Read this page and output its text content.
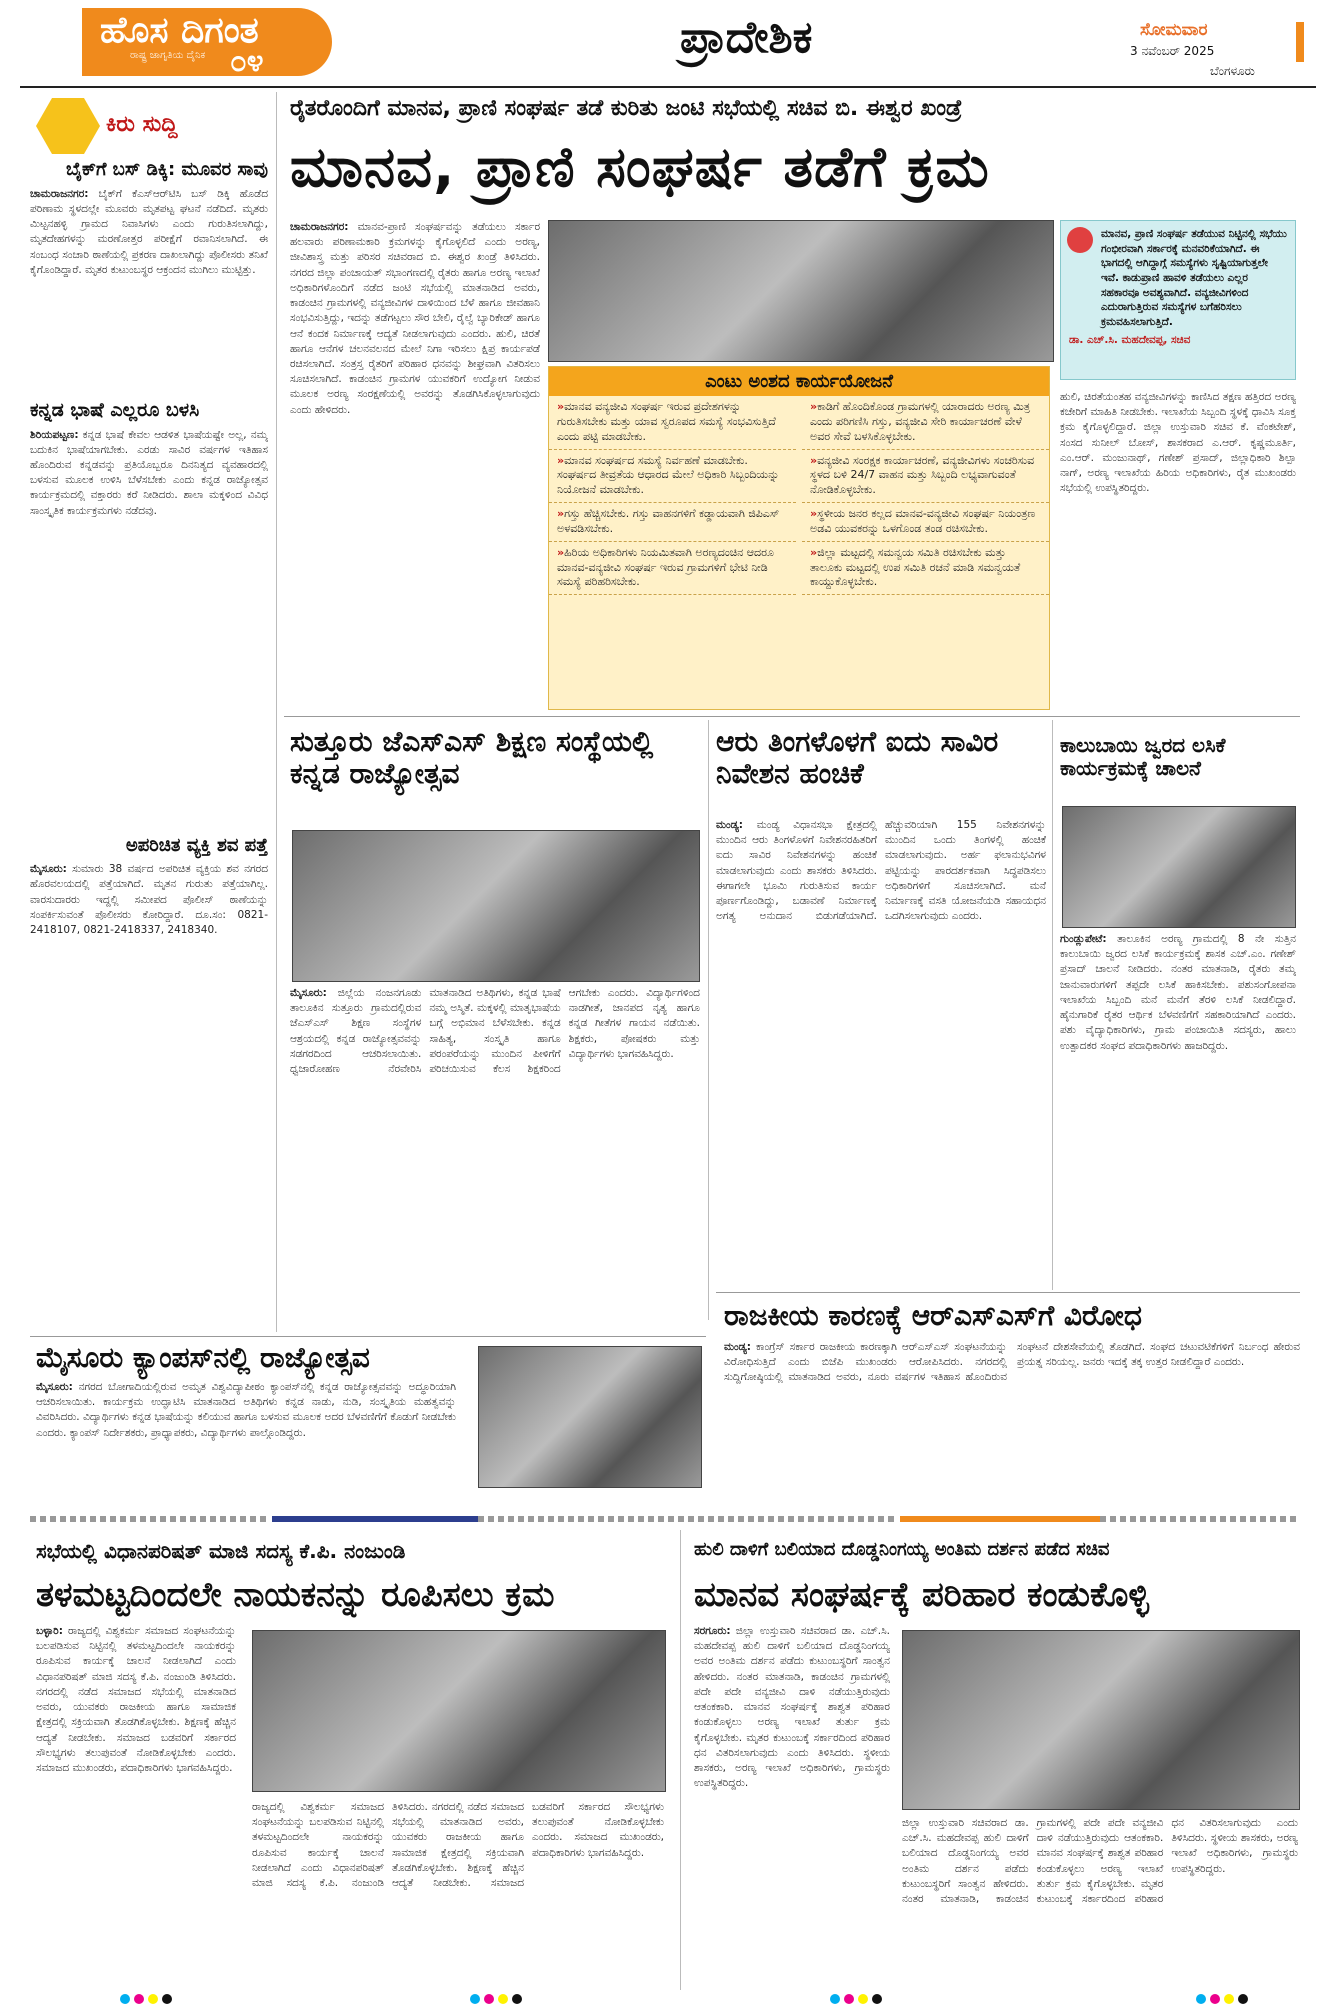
ಹೊಸ ದಿಗಂತ
ರಾಷ್ಟ್ರ ಜಾಗೃತಿಯ ದೈನಿಕ ೦೪	ಪ್ರಾದೇಶಿಕ	ಸೋಮವಾರ
3 ನವೆಂಬರ್ 2025
ಬೆಂಗಳೂರು
ಕಿರು ಸುದ್ದಿ
ಬೈಕ್‌ಗೆ ಬಸ್ ಡಿಕ್ಕಿ: ಮೂವರ ಸಾವು
ಚಾಮರಾಜನಗರ: ಬೈಕ್‌ಗೆ ಕೆಎಸ್‌ಆರ್‌ಟಿಸಿ ಬಸ್ ಡಿಕ್ಕಿ ಹೊಡೆದ ಪರಿಣಾಮ ಸ್ಥಳದಲ್ಲೇ ಮೂವರು ಮೃತಪಟ್ಟ ಘಟನೆ ನಡೆದಿದೆ. ಮೃತರು ಮಿಟ್ಟನಹಳ್ಳಿ ಗ್ರಾಮದ ನಿವಾಸಿಗಳು ಎಂದು ಗುರುತಿಸಲಾಗಿದ್ದು, ಮೃತದೇಹಗಳನ್ನು ಮರಣೋತ್ತರ ಪರೀಕ್ಷೆಗೆ ರವಾನಿಸಲಾಗಿದೆ. ಈ ಸಂಬಂಧ ಸಂಚಾರಿ ಠಾಣೆಯಲ್ಲಿ ಪ್ರಕರಣ ದಾಖಲಾಗಿದ್ದು ಪೊಲೀಸರು ತನಿಖೆ ಕೈಗೊಂಡಿದ್ದಾರೆ. ಮೃತರ ಕುಟುಂಬಸ್ಥರ ಆಕ್ರಂದನ ಮುಗಿಲು ಮುಟ್ಟಿತ್ತು.
ಕನ್ನಡ ಭಾಷೆ ಎಲ್ಲರೂ ಬಳಸಿ
ಶಿರಿಯಪಟ್ಟಣ: ಕನ್ನಡ ಭಾಷೆ ಕೇವಲ ಆಡಳಿತ ಭಾಷೆಯಷ್ಟೇ ಅಲ್ಲ, ನಮ್ಮ ಬದುಕಿನ ಭಾಷೆಯಾಗಬೇಕು. ಎರಡು ಸಾವಿರ ವರ್ಷಗಳ ಇತಿಹಾಸ ಹೊಂದಿರುವ ಕನ್ನಡವನ್ನು ಪ್ರತಿಯೊಬ್ಬರೂ ದಿನನಿತ್ಯದ ವ್ಯವಹಾರದಲ್ಲಿ ಬಳಸುವ ಮೂಲಕ ಉಳಿಸಿ ಬೆಳೆಸಬೇಕು ಎಂದು ಕನ್ನಡ ರಾಜ್ಯೋತ್ಸವ ಕಾರ್ಯಕ್ರಮದಲ್ಲಿ ವಕ್ತಾರರು ಕರೆ ನೀಡಿದರು. ಶಾಲಾ ಮಕ್ಕಳಿಂದ ವಿವಿಧ ಸಾಂಸ್ಕೃತಿಕ ಕಾರ್ಯಕ್ರಮಗಳು ನಡೆದವು.
ಅಪರಿಚಿತ ವ್ಯಕ್ತಿ ಶವ ಪತ್ತೆ
ಮೈಸೂರು: ಸುಮಾರು 38 ವರ್ಷದ ಅಪರಿಚಿತ ವ್ಯಕ್ತಿಯ ಶವ ನಗರದ ಹೊರವಲಯದಲ್ಲಿ ಪತ್ತೆಯಾಗಿದೆ. ಮೃತನ ಗುರುತು ಪತ್ತೆಯಾಗಿಲ್ಲ. ವಾರಸುದಾರರು ಇದ್ದಲ್ಲಿ ಸಮೀಪದ ಪೊಲೀಸ್ ಠಾಣೆಯನ್ನು ಸಂಪರ್ಕಿಸುವಂತೆ ಪೊಲೀಸರು ಕೋರಿದ್ದಾರೆ. ದೂ.ಸಂ: 0821-2418107, 0821-2418337, 2418340.
ರೈತರೊಂದಿಗೆ ಮಾನವ, ಪ್ರಾಣಿ ಸಂಘರ್ಷ ತಡೆ ಕುರಿತು ಜಂಟಿ ಸಭೆಯಲ್ಲಿ ಸಚಿವ ಬಿ. ಈಶ್ವರ ಖಂಡ್ರೆ
ಮಾನವ, ಪ್ರಾಣಿ ಸಂಘರ್ಷ ತಡೆಗೆ ಕ್ರಮ
ಚಾಮರಾಜನಗರ: ಮಾನವ-ಪ್ರಾಣಿ ಸಂಘರ್ಷವನ್ನು ತಡೆಯಲು ಸರ್ಕಾರ ಹಲವಾರು ಪರಿಣಾಮಕಾರಿ ಕ್ರಮಗಳನ್ನು ಕೈಗೊಳ್ಳಲಿದೆ ಎಂದು ಅರಣ್ಯ, ಜೀವಿಶಾಸ್ತ್ರ ಮತ್ತು ಪರಿಸರ ಸಚಿವರಾದ ಬಿ. ಈಶ್ವರ ಖಂಡ್ರೆ ತಿಳಿಸಿದರು. ನಗರದ ಜಿಲ್ಲಾ ಪಂಚಾಯತ್ ಸಭಾಂಗಣದಲ್ಲಿ ರೈತರು ಹಾಗೂ ಅರಣ್ಯ ಇಲಾಖೆ ಅಧಿಕಾರಿಗಳೊಂದಿಗೆ ನಡೆದ ಜಂಟಿ ಸಭೆಯಲ್ಲಿ ಮಾತನಾಡಿದ ಅವರು, ಕಾಡಂಚಿನ ಗ್ರಾಮಗಳಲ್ಲಿ ವನ್ಯಜೀವಿಗಳ ದಾಳಿಯಿಂದ ಬೆಳೆ ಹಾಗೂ ಜೀವಹಾನಿ ಸಂಭವಿಸುತ್ತಿದ್ದು, ಇದನ್ನು ತಡೆಗಟ್ಟಲು ಸೌರ ಬೇಲಿ, ರೈಲ್ವೆ ಬ್ಯಾರಿಕೇಡ್ ಹಾಗೂ ಆನೆ ಕಂದಕ ನಿರ್ಮಾಣಕ್ಕೆ ಆದ್ಯತೆ ನೀಡಲಾಗುವುದು ಎಂದರು. ಹುಲಿ, ಚಿರತೆ ಹಾಗೂ ಆನೆಗಳ ಚಲನವಲನದ ಮೇಲೆ ನಿಗಾ ಇರಿಸಲು ಕ್ಷಿಪ್ರ ಕಾರ್ಯಪಡೆ ರಚಿಸಲಾಗಿದೆ. ಸಂತ್ರಸ್ತ ರೈತರಿಗೆ ಪರಿಹಾರ ಧನವನ್ನು ಶೀಘ್ರವಾಗಿ ವಿತರಿಸಲು ಸೂಚಿಸಲಾಗಿದೆ. ಕಾಡಂಚಿನ ಗ್ರಾಮಗಳ ಯುವಕರಿಗೆ ಉದ್ಯೋಗ ನೀಡುವ ಮೂಲಕ ಅರಣ್ಯ ಸಂರಕ್ಷಣೆಯಲ್ಲಿ ಅವರನ್ನು ತೊಡಗಿಸಿಕೊಳ್ಳಲಾಗುವುದು ಎಂದು ಹೇಳಿದರು.
ಮಾನವ, ಪ್ರಾಣಿ ಸಂಘರ್ಷ ತಡೆಯುವ ನಿಟ್ಟಿನಲ್ಲಿ ಸಭೆಯು ಗಂಭೀರವಾಗಿ ಸರ್ಕಾರಕ್ಕೆ ಮನವರಿಕೆಯಾಗಿದೆ. ಈ ಭಾಗದಲ್ಲಿ ಆಗಿದ್ದಾಗ್ಗೆ ಸಮಸ್ಯೆಗಳು ಸೃಷ್ಟಿಯಾಗುತ್ತಲೇ ಇವೆ. ಕಾಡುಪ್ರಾಣಿ ಹಾವಳಿ ತಡೆಯಲು ಎಲ್ಲರ ಸಹಕಾರವೂ ಅವಶ್ಯವಾಗಿದೆ. ವನ್ಯಜೀವಿಗಳಿಂದ ಎದುರಾಗುತ್ತಿರುವ ಸಮಸ್ಯೆಗಳ ಬಗೆಹರಿಸಲು ಕ್ರಮವಹಿಸಲಾಗುತ್ತಿದೆ.
ಡಾ. ಎಚ್.ಸಿ. ಮಹದೇವಪ್ಪ, ಸಚಿವ
ಎಂಟು ಅಂಶದ ಕಾರ್ಯಯೋಜನೆ
» ಮಾನವ ವನ್ಯಜೀವಿ ಸಂಘರ್ಷ ಇರುವ ಪ್ರದೇಶಗಳನ್ನು ಗುರುತಿಸಬೇಕು ಮತ್ತು ಯಾವ ಸ್ವರೂಪದ ಸಮಸ್ಯೆ ಸಂಭವಿಸುತ್ತಿದೆ ಎಂದು ಪಟ್ಟಿ ಮಾಡಬೇಕು.
» ಮಾನವ ಸಂಘರ್ಷದ ಸಮಸ್ಯೆ ನಿರ್ವಹಣೆ ಮಾಡಬೇಕು. ಸಂಘರ್ಷದ ತೀವ್ರತೆಯ ಆಧಾರದ ಮೇಲೆ ಅಧಿಕಾರಿ ಸಿಬ್ಬಂದಿಯನ್ನು ನಿಯೋಜನೆ ಮಾಡಬೇಕು.
» ಗಸ್ತು ಹೆಚ್ಚಿಸಬೇಕು. ಗಸ್ತು ವಾಹನಗಳಿಗೆ ಕಡ್ಡಾಯವಾಗಿ ಜಿಪಿಎಸ್ ಅಳವಡಿಸಬೇಕು.
» ಹಿರಿಯ ಅಧಿಕಾರಿಗಳು ನಿಯಮಿತವಾಗಿ ಅರಣ್ಯದಂಚಿನ ಆದರೂ ಮಾನವ-ವನ್ಯಜೀವಿ ಸಂಘರ್ಷ ಇರುವ ಗ್ರಾಮಗಳಿಗೆ ಭೇಟಿ ನೀಡಿ ಸಮಸ್ಯೆ ಪರಿಹರಿಸಬೇಕು.
» ಕಾಡಿಗೆ ಹೊಂದಿಕೊಂಡ ಗ್ರಾಮಗಳಲ್ಲಿ ಯಾರಾದರು ಅರಣ್ಯ ಮಿತ್ರ ಎಂದು ಪರಿಗಣಿಸಿ ಗಸ್ತು, ವನ್ಯಜೀವಿ ಸೇರಿ ಕಾರ್ಯಾಚರಣೆ ವೇಳೆ ಅವರ ಸೇವೆ ಬಳಸಿಕೊಳ್ಳಬೇಕು.
» ವನ್ಯಜೀವಿ ಸಂರಕ್ಷಕ ಕಾರ್ಯಾಚರಣೆ, ವನ್ಯಜೀವಿಗಳು ಸಂಚರಿಸುವ ಸ್ಥಳದ ಬಳಿ 24/7 ವಾಹನ ಮತ್ತು ಸಿಬ್ಬಂದಿ ಲಭ್ಯವಾಗುವಂತೆ ನೋಡಿಕೊಳ್ಳಬೇಕು.
» ಸ್ಥಳೀಯ ಜನರ ಕಲ್ಲದ ಮಾನವ-ವನ್ಯಜೀವಿ ಸಂಘರ್ಷ ನಿಯಂತ್ರಣ ಅಡವಿ ಯುವಕರನ್ನು ಒಳಗೊಂಡ ತಂಡ ರಚಿಸಬೇಕು.
» ಜಿಲ್ಲಾ ಮಟ್ಟದಲ್ಲಿ ಸಮನ್ವಯ ಸಮಿತಿ ರಚಿಸಬೇಕು ಮತ್ತು ತಾಲೂಕು ಮಟ್ಟದಲ್ಲಿ ಉಪ ಸಮಿತಿ ರಚನೆ ಮಾಡಿ ಸಮನ್ವಯತೆ ಕಾಯ್ದುಕೊಳ್ಳಬೇಕು.
ಹುಲಿ, ಚಿರತೆಯಂತಹ ವನ್ಯಜೀವಿಗಳನ್ನು ಕಾಣಿಸಿದ ತಕ್ಷಣ ಹತ್ತಿರದ ಅರಣ್ಯ ಕಚೇರಿಗೆ ಮಾಹಿತಿ ನೀಡಬೇಕು. ಇಲಾಖೆಯ ಸಿಬ್ಬಂದಿ ಸ್ಥಳಕ್ಕೆ ಧಾವಿಸಿ ಸೂಕ್ತ ಕ್ರಮ ಕೈಗೊಳ್ಳಲಿದ್ದಾರೆ. ಜಿಲ್ಲಾ ಉಸ್ತುವಾರಿ ಸಚಿವ ಕೆ. ವೆಂಕಟೇಶ್, ಸಂಸದ ಸುನೀಲ್ ಬೋಸ್, ಶಾಸಕರಾದ ಎ.ಆರ್. ಕೃಷ್ಣಮೂರ್ತಿ, ಎಂ.ಆರ್. ಮಂಜುನಾಥ್, ಗಣೇಶ್ ಪ್ರಸಾದ್, ಜಿಲ್ಲಾಧಿಕಾರಿ ಶಿಲ್ಪಾ ನಾಗ್, ಅರಣ್ಯ ಇಲಾಖೆಯ ಹಿರಿಯ ಅಧಿಕಾರಿಗಳು, ರೈತ ಮುಖಂಡರು ಸಭೆಯಲ್ಲಿ ಉಪಸ್ಥಿತರಿದ್ದರು.
ಸುತ್ತೂರು ಜೆಎಸ್‌ಎಸ್ ಶಿಕ್ಷಣ ಸಂಸ್ಥೆಯಲ್ಲಿ ಕನ್ನಡ ರಾಜ್ಯೋತ್ಸವ
ಮೈಸೂರು: ಜಿಲ್ಲೆಯ ನಂಜನಗೂಡು ತಾಲೂಕಿನ ಸುತ್ತೂರು ಗ್ರಾಮದಲ್ಲಿರುವ ಜೆಎಸ್‌ಎಸ್ ಶಿಕ್ಷಣ ಸಂಸ್ಥೆಗಳ ಆಶ್ರಯದಲ್ಲಿ ಕನ್ನಡ ರಾಜ್ಯೋತ್ಸವವನ್ನು ಸಡಗರದಿಂದ ಆಚರಿಸಲಾಯಿತು. ಧ್ವಜಾರೋಹಣ ನೆರವೇರಿಸಿ ಮಾತನಾಡಿದ ಅತಿಥಿಗಳು, ಕನ್ನಡ ಭಾಷೆ ನಮ್ಮ ಅಸ್ಮಿತೆ. ಮಕ್ಕಳಲ್ಲಿ ಮಾತೃಭಾಷೆಯ ಬಗ್ಗೆ ಅಭಿಮಾನ ಬೆಳೆಸಬೇಕು. ಕನ್ನಡ ಸಾಹಿತ್ಯ, ಸಂಸ್ಕೃತಿ ಹಾಗೂ ಪರಂಪರೆಯನ್ನು ಮುಂದಿನ ಪೀಳಿಗೆಗೆ ಪರಿಚಯಿಸುವ ಕೆಲಸ ಶಿಕ್ಷಕರಿಂದ ಆಗಬೇಕು ಎಂದರು. ವಿದ್ಯಾರ್ಥಿಗಳಿಂದ ನಾಡಗೀತೆ, ಜಾನಪದ ನೃತ್ಯ ಹಾಗೂ ಕನ್ನಡ ಗೀತೆಗಳ ಗಾಯನ ನಡೆಯಿತು. ಶಿಕ್ಷಕರು, ಪೋಷಕರು ಮತ್ತು ವಿದ್ಯಾರ್ಥಿಗಳು ಭಾಗವಹಿಸಿದ್ದರು.
ಆರು ತಿಂಗಳೊಳಗೆ ಐದು ಸಾವಿರ ನಿವೇಶನ ಹಂಚಿಕೆ
ಮಂಡ್ಯ: ಮಂಡ್ಯ ವಿಧಾನಸಭಾ ಕ್ಷೇತ್ರದಲ್ಲಿ ಮುಂದಿನ ಆರು ತಿಂಗಳೊಳಗೆ ನಿವೇಶನರಹಿತರಿಗೆ ಐದು ಸಾವಿರ ನಿವೇಶನಗಳನ್ನು ಹಂಚಿಕೆ ಮಾಡಲಾಗುವುದು ಎಂದು ಶಾಸಕರು ತಿಳಿಸಿದರು. ಈಗಾಗಲೇ ಭೂಮಿ ಗುರುತಿಸುವ ಕಾರ್ಯ ಪೂರ್ಣಗೊಂಡಿದ್ದು, ಬಡಾವಣೆ ನಿರ್ಮಾಣಕ್ಕೆ ಅಗತ್ಯ ಅನುದಾನ ಬಿಡುಗಡೆಯಾಗಿದೆ. ಹೆಚ್ಚುವರಿಯಾಗಿ 155 ನಿವೇಶನಗಳನ್ನು ಮುಂದಿನ ಒಂದು ತಿಂಗಳಲ್ಲಿ ಹಂಚಿಕೆ ಮಾಡಲಾಗುವುದು. ಅರ್ಹ ಫಲಾನುಭವಿಗಳ ಪಟ್ಟಿಯನ್ನು ಪಾರದರ್ಶಕವಾಗಿ ಸಿದ್ಧಪಡಿಸಲು ಅಧಿಕಾರಿಗಳಿಗೆ ಸೂಚಿಸಲಾಗಿದೆ. ಮನೆ ನಿರ್ಮಾಣಕ್ಕೆ ವಸತಿ ಯೋಜನೆಯಡಿ ಸಹಾಯಧನ ಒದಗಿಸಲಾಗುವುದು ಎಂದರು.
ಕಾಲುಬಾಯಿ ಜ್ವರದ ಲಸಿಕೆ ಕಾರ್ಯಕ್ರಮಕ್ಕೆ ಚಾಲನೆ
ಗುಂಡ್ಲುಪೇಟೆ: ತಾಲೂಕಿನ ಅರಣ್ಯ ಗ್ರಾಮದಲ್ಲಿ 8 ನೇ ಸುತ್ತಿನ ಕಾಲುಬಾಯಿ ಜ್ವರದ ಲಸಿಕೆ ಕಾರ್ಯಕ್ರಮಕ್ಕೆ ಶಾಸಕ ಎಚ್.ಎಂ. ಗಣೇಶ್ ಪ್ರಸಾದ್ ಚಾಲನೆ ನೀಡಿದರು. ನಂತರ ಮಾತನಾಡಿ, ರೈತರು ತಮ್ಮ ಜಾನುವಾರುಗಳಿಗೆ ತಪ್ಪದೇ ಲಸಿಕೆ ಹಾಕಿಸಬೇಕು. ಪಶುಸಂಗೋಪನಾ ಇಲಾಖೆಯ ಸಿಬ್ಬಂದಿ ಮನೆ ಮನೆಗೆ ತೆರಳಿ ಲಸಿಕೆ ನೀಡಲಿದ್ದಾರೆ. ಹೈನುಗಾರಿಕೆ ರೈತರ ಆರ್ಥಿಕ ಬೆಳವಣಿಗೆಗೆ ಸಹಕಾರಿಯಾಗಿದೆ ಎಂದರು. ಪಶು ವೈದ್ಯಾಧಿಕಾರಿಗಳು, ಗ್ರಾಮ ಪಂಚಾಯಿತಿ ಸದಸ್ಯರು, ಹಾಲು ಉತ್ಪಾದಕರ ಸಂಘದ ಪದಾಧಿಕಾರಿಗಳು ಹಾಜರಿದ್ದರು.
ರಾಜಕೀಯ ಕಾರಣಕ್ಕೆ ಆರ್‌ಎಸ್‌ಎಸ್‌ಗೆ ವಿರೋಧ
ಮಂಡ್ಯ: ಕಾಂಗ್ರೆಸ್ ಸರ್ಕಾರ ರಾಜಕೀಯ ಕಾರಣಕ್ಕಾಗಿ ಆರ್‌ಎಸ್‌ಎಸ್ ಸಂಘಟನೆಯನ್ನು ವಿರೋಧಿಸುತ್ತಿದೆ ಎಂದು ಬಿಜೆಪಿ ಮುಖಂಡರು ಆರೋಪಿಸಿದರು. ನಗರದಲ್ಲಿ ಸುದ್ದಿಗೋಷ್ಠಿಯಲ್ಲಿ ಮಾತನಾಡಿದ ಅವರು, ನೂರು ವರ್ಷಗಳ ಇತಿಹಾಸ ಹೊಂದಿರುವ ಸಂಘಟನೆ ದೇಶಸೇವೆಯಲ್ಲಿ ತೊಡಗಿದೆ. ಸಂಘದ ಚಟುವಟಿಕೆಗಳಿಗೆ ನಿರ್ಬಂಧ ಹೇರುವ ಪ್ರಯತ್ನ ಸರಿಯಲ್ಲ. ಜನರು ಇದಕ್ಕೆ ತಕ್ಕ ಉತ್ತರ ನೀಡಲಿದ್ದಾರೆ ಎಂದರು.
ಮೈಸೂರು ಕ್ಯಾಂಪಸ್‌ನಲ್ಲಿ ರಾಜ್ಯೋತ್ಸವ
ಮೈಸೂರು: ನಗರದ ಬೋಗಾದಿಯಲ್ಲಿರುವ ಅಮೃತ ವಿಶ್ವವಿದ್ಯಾಪೀಠಂ ಕ್ಯಾಂಪಸ್‌ನಲ್ಲಿ ಕನ್ನಡ ರಾಜ್ಯೋತ್ಸವವನ್ನು ಅದ್ಧೂರಿಯಾಗಿ ಆಚರಿಸಲಾಯಿತು. ಕಾರ್ಯಕ್ರಮ ಉದ್ಘಾಟಿಸಿ ಮಾತನಾಡಿದ ಅತಿಥಿಗಳು ಕನ್ನಡ ನಾಡು, ನುಡಿ, ಸಂಸ್ಕೃತಿಯ ಮಹತ್ವವನ್ನು ವಿವರಿಸಿದರು. ವಿದ್ಯಾರ್ಥಿಗಳು ಕನ್ನಡ ಭಾಷೆಯನ್ನು ಕಲಿಯುವ ಹಾಗೂ ಬಳಸುವ ಮೂಲಕ ಅದರ ಬೆಳವಣಿಗೆಗೆ ಕೊಡುಗೆ ನೀಡಬೇಕು ಎಂದರು. ಕ್ಯಾಂಪಸ್ ನಿರ್ದೇಶಕರು, ಪ್ರಾಧ್ಯಾಪಕರು, ವಿದ್ಯಾರ್ಥಿಗಳು ಪಾಲ್ಗೊಂಡಿದ್ದರು.
ಸಭೆಯಲ್ಲಿ ವಿಧಾನಪರಿಷತ್ ಮಾಜಿ ಸದಸ್ಯ ಕೆ.ಪಿ. ನಂಜುಂಡಿ
ತಳಮಟ್ಟದಿಂದಲೇ ನಾಯಕನನ್ನು ರೂಪಿಸಲು ಕ್ರಮ
ಬಳ್ಳಾರಿ: ರಾಜ್ಯದಲ್ಲಿ ವಿಶ್ವಕರ್ಮ ಸಮಾಜದ ಸಂಘಟನೆಯನ್ನು ಬಲಪಡಿಸುವ ನಿಟ್ಟಿನಲ್ಲಿ ತಳಮಟ್ಟದಿಂದಲೇ ನಾಯಕರನ್ನು ರೂಪಿಸುವ ಕಾರ್ಯಕ್ಕೆ ಚಾಲನೆ ನೀಡಲಾಗಿದೆ ಎಂದು ವಿಧಾನಪರಿಷತ್ ಮಾಜಿ ಸದಸ್ಯ ಕೆ.ಪಿ. ನಂಜುಂಡಿ ತಿಳಿಸಿದರು. ನಗರದಲ್ಲಿ ನಡೆದ ಸಮಾಜದ ಸಭೆಯಲ್ಲಿ ಮಾತನಾಡಿದ ಅವರು, ಯುವಕರು ರಾಜಕೀಯ ಹಾಗೂ ಸಾಮಾಜಿಕ ಕ್ಷೇತ್ರದಲ್ಲಿ ಸಕ್ರಿಯವಾಗಿ ತೊಡಗಿಕೊಳ್ಳಬೇಕು. ಶಿಕ್ಷಣಕ್ಕೆ ಹೆಚ್ಚಿನ ಆದ್ಯತೆ ನೀಡಬೇಕು. ಸಮಾಜದ ಬಡವರಿಗೆ ಸರ್ಕಾರದ ಸೌಲಭ್ಯಗಳು ತಲುಪುವಂತೆ ನೋಡಿಕೊಳ್ಳಬೇಕು ಎಂದರು. ಸಮಾಜದ ಮುಖಂಡರು, ಪದಾಧಿಕಾರಿಗಳು ಭಾಗವಹಿಸಿದ್ದರು.
ರಾಜ್ಯದಲ್ಲಿ ವಿಶ್ವಕರ್ಮ ಸಮಾಜದ ಸಂಘಟನೆಯನ್ನು ಬಲಪಡಿಸುವ ನಿಟ್ಟಿನಲ್ಲಿ ತಳಮಟ್ಟದಿಂದಲೇ ನಾಯಕರನ್ನು ರೂಪಿಸುವ ಕಾರ್ಯಕ್ಕೆ ಚಾಲನೆ ನೀಡಲಾಗಿದೆ ಎಂದು ವಿಧಾನಪರಿಷತ್ ಮಾಜಿ ಸದಸ್ಯ ಕೆ.ಪಿ. ನಂಜುಂಡಿ ತಿಳಿಸಿದರು. ನಗರದಲ್ಲಿ ನಡೆದ ಸಮಾಜದ ಸಭೆಯಲ್ಲಿ ಮಾತನಾಡಿದ ಅವರು, ಯುವಕರು ರಾಜಕೀಯ ಹಾಗೂ ಸಾಮಾಜಿಕ ಕ್ಷೇತ್ರದಲ್ಲಿ ಸಕ್ರಿಯವಾಗಿ ತೊಡಗಿಕೊಳ್ಳಬೇಕು. ಶಿಕ್ಷಣಕ್ಕೆ ಹೆಚ್ಚಿನ ಆದ್ಯತೆ ನೀಡಬೇಕು. ಸಮಾಜದ ಬಡವರಿಗೆ ಸರ್ಕಾರದ ಸೌಲಭ್ಯಗಳು ತಲುಪುವಂತೆ ನೋಡಿಕೊಳ್ಳಬೇಕು ಎಂದರು. ಸಮಾಜದ ಮುಖಂಡರು, ಪದಾಧಿಕಾರಿಗಳು ಭಾಗವಹಿಸಿದ್ದರು.
ಹುಲಿ ದಾಳಿಗೆ ಬಲಿಯಾದ ದೊಡ್ಡನಿಂಗಯ್ಯ ಅಂತಿಮ ದರ್ಶನ ಪಡೆದ ಸಚಿವ
ಮಾನವ ಸಂಘರ್ಷಕ್ಕೆ ಪರಿಹಾರ ಕಂಡುಕೊಳ್ಳಿ
ಸರಗೂರು: ಜಿಲ್ಲಾ ಉಸ್ತುವಾರಿ ಸಚಿವರಾದ ಡಾ. ಎಚ್.ಸಿ. ಮಹದೇವಪ್ಪ ಹುಲಿ ದಾಳಿಗೆ ಬಲಿಯಾದ ದೊಡ್ಡನಿಂಗಯ್ಯ ಅವರ ಅಂತಿಮ ದರ್ಶನ ಪಡೆದು ಕುಟುಂಬಸ್ಥರಿಗೆ ಸಾಂತ್ವನ ಹೇಳಿದರು. ನಂತರ ಮಾತನಾಡಿ, ಕಾಡಂಚಿನ ಗ್ರಾಮಗಳಲ್ಲಿ ಪದೇ ಪದೇ ವನ್ಯಜೀವಿ ದಾಳಿ ನಡೆಯುತ್ತಿರುವುದು ಆತಂಕಕಾರಿ. ಮಾನವ ಸಂಘರ್ಷಕ್ಕೆ ಶಾಶ್ವತ ಪರಿಹಾರ ಕಂಡುಕೊಳ್ಳಲು ಅರಣ್ಯ ಇಲಾಖೆ ತುರ್ತು ಕ್ರಮ ಕೈಗೊಳ್ಳಬೇಕು. ಮೃತರ ಕುಟುಂಬಕ್ಕೆ ಸರ್ಕಾರದಿಂದ ಪರಿಹಾರ ಧನ ವಿತರಿಸಲಾಗುವುದು ಎಂದು ತಿಳಿಸಿದರು. ಸ್ಥಳೀಯ ಶಾಸಕರು, ಅರಣ್ಯ ಇಲಾಖೆ ಅಧಿಕಾರಿಗಳು, ಗ್ರಾಮಸ್ಥರು ಉಪಸ್ಥಿತರಿದ್ದರು.
ಜಿಲ್ಲಾ ಉಸ್ತುವಾರಿ ಸಚಿವರಾದ ಡಾ. ಎಚ್.ಸಿ. ಮಹದೇವಪ್ಪ ಹುಲಿ ದಾಳಿಗೆ ಬಲಿಯಾದ ದೊಡ್ಡನಿಂಗಯ್ಯ ಅವರ ಅಂತಿಮ ದರ್ಶನ ಪಡೆದು ಕುಟುಂಬಸ್ಥರಿಗೆ ಸಾಂತ್ವನ ಹೇಳಿದರು. ನಂತರ ಮಾತನಾಡಿ, ಕಾಡಂಚಿನ ಗ್ರಾಮಗಳಲ್ಲಿ ಪದೇ ಪದೇ ವನ್ಯಜೀವಿ ದಾಳಿ ನಡೆಯುತ್ತಿರುವುದು ಆತಂಕಕಾರಿ. ಮಾನವ ಸಂಘರ್ಷಕ್ಕೆ ಶಾಶ್ವತ ಪರಿಹಾರ ಕಂಡುಕೊಳ್ಳಲು ಅರಣ್ಯ ಇಲಾಖೆ ತುರ್ತು ಕ್ರಮ ಕೈಗೊಳ್ಳಬೇಕು. ಮೃತರ ಕುಟುಂಬಕ್ಕೆ ಸರ್ಕಾರದಿಂದ ಪರಿಹಾರ ಧನ ವಿತರಿಸಲಾಗುವುದು ಎಂದು ತಿಳಿಸಿದರು. ಸ್ಥಳೀಯ ಶಾಸಕರು, ಅರಣ್ಯ ಇಲಾಖೆ ಅಧಿಕಾರಿಗಳು, ಗ್ರಾಮಸ್ಥರು ಉಪಸ್ಥಿತರಿದ್ದರು.
